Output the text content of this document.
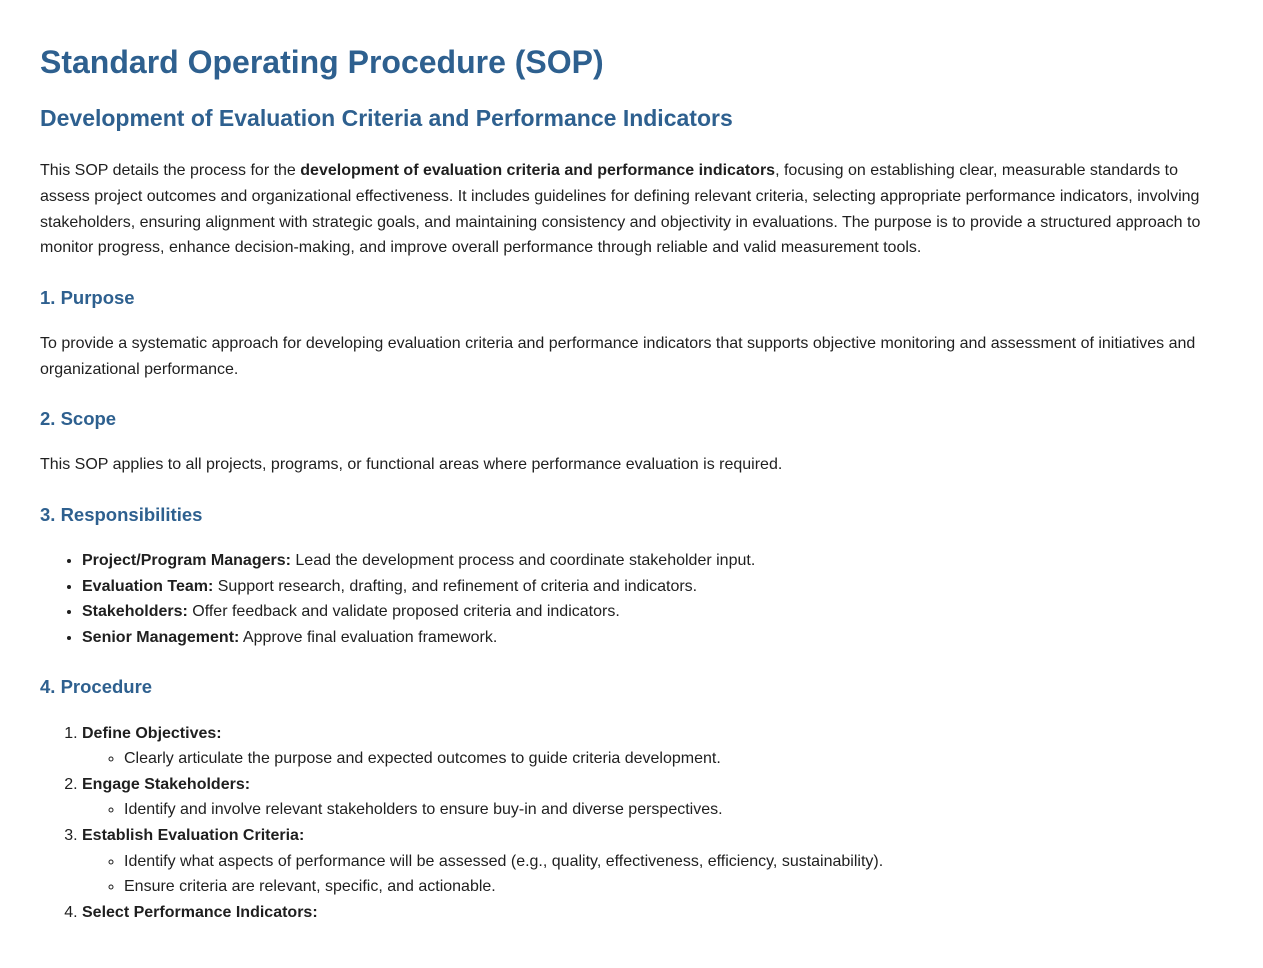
Standard Operating Procedure (SOP)
Development of Evaluation Criteria and Performance Indicators

This SOP details the process for the development of evaluation criteria and performance indicators, focusing on establishing clear, measurable standards to assess project outcomes and organizational effectiveness. It includes guidelines for defining relevant criteria, selecting appropriate performance indicators, involving stakeholders, ensuring alignment with strategic goals, and maintaining consistency and objectivity in evaluations. The purpose is to provide a structured approach to monitor progress, enhance decision-making, and improve overall performance through reliable and valid measurement tools.

1. Purpose

To provide a systematic approach for developing evaluation criteria and performance indicators that supports objective monitoring and assessment of initiatives and organizational performance.

2. Scope

This SOP applies to all projects, programs, or functional areas where performance evaluation is required.

3. Responsibilities
• Project/Program Managers: Lead the development process and coordinate stakeholder input.
• Evaluation Team: Support research, drafting, and refinement of criteria and indicators.
• Stakeholders: Offer feedback and validate proposed criteria and indicators.
• Senior Management: Approve final evaluation framework.
4. Procedure
1. Define Objectives:
◦ Clearly articulate the purpose and expected outcomes to guide criteria development.
2. Engage Stakeholders:
◦ Identify and involve relevant stakeholders to ensure buy-in and diverse perspectives.
3. Establish Evaluation Criteria:
◦ Identify what aspects of performance will be assessed (e.g., quality, effectiveness, efficiency, sustainability).
◦ Ensure criteria are relevant, specific, and actionable.
4. Select Performance Indicators:
